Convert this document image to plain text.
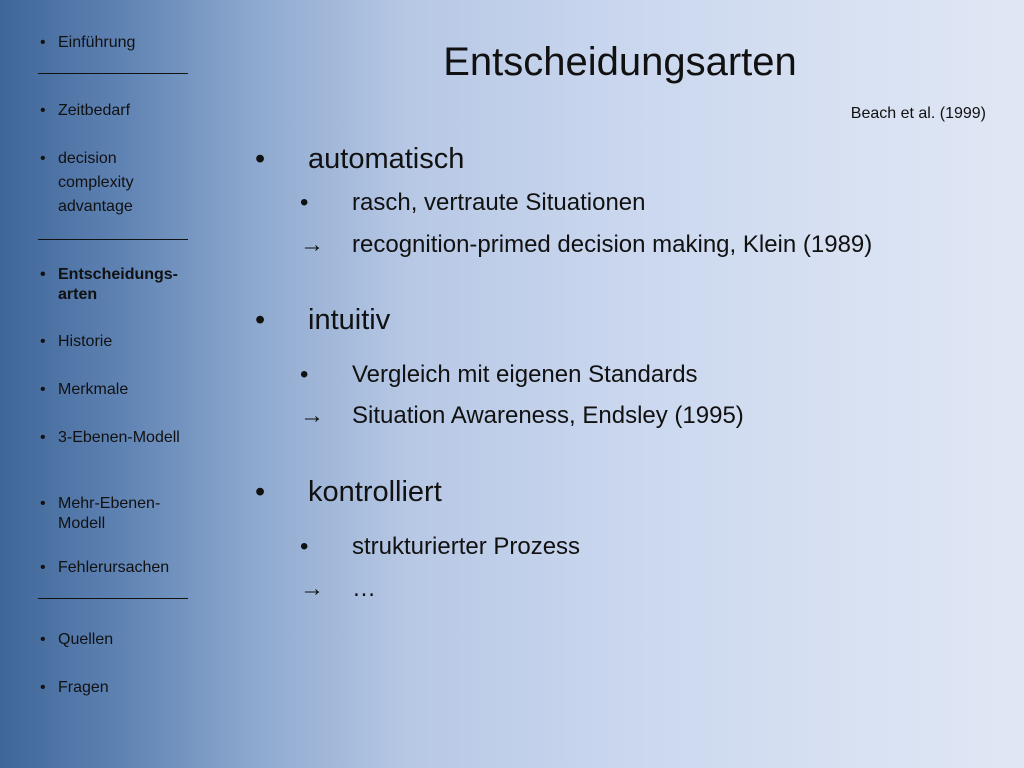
• Einführung
• Zeitbedarf
• decision complexity advantage
• Entscheidungs-arten
• Historie
• Merkmale
• 3-Ebenen-Modell
• Mehr-Ebenen-Modell
• Fehlerursachen
• Quellen
• Fragen
Entscheidungsarten
Beach et al. (1999)
• automatisch
•	rasch, vertraute Situationen
→ recognition-primed decision making, Klein (1989)
• intuitiv
•	Vergleich mit eigenen Standards
→ Situation Awareness, Endsley (1995)
• kontrolliert
•	strukturierter Prozess
→ …
